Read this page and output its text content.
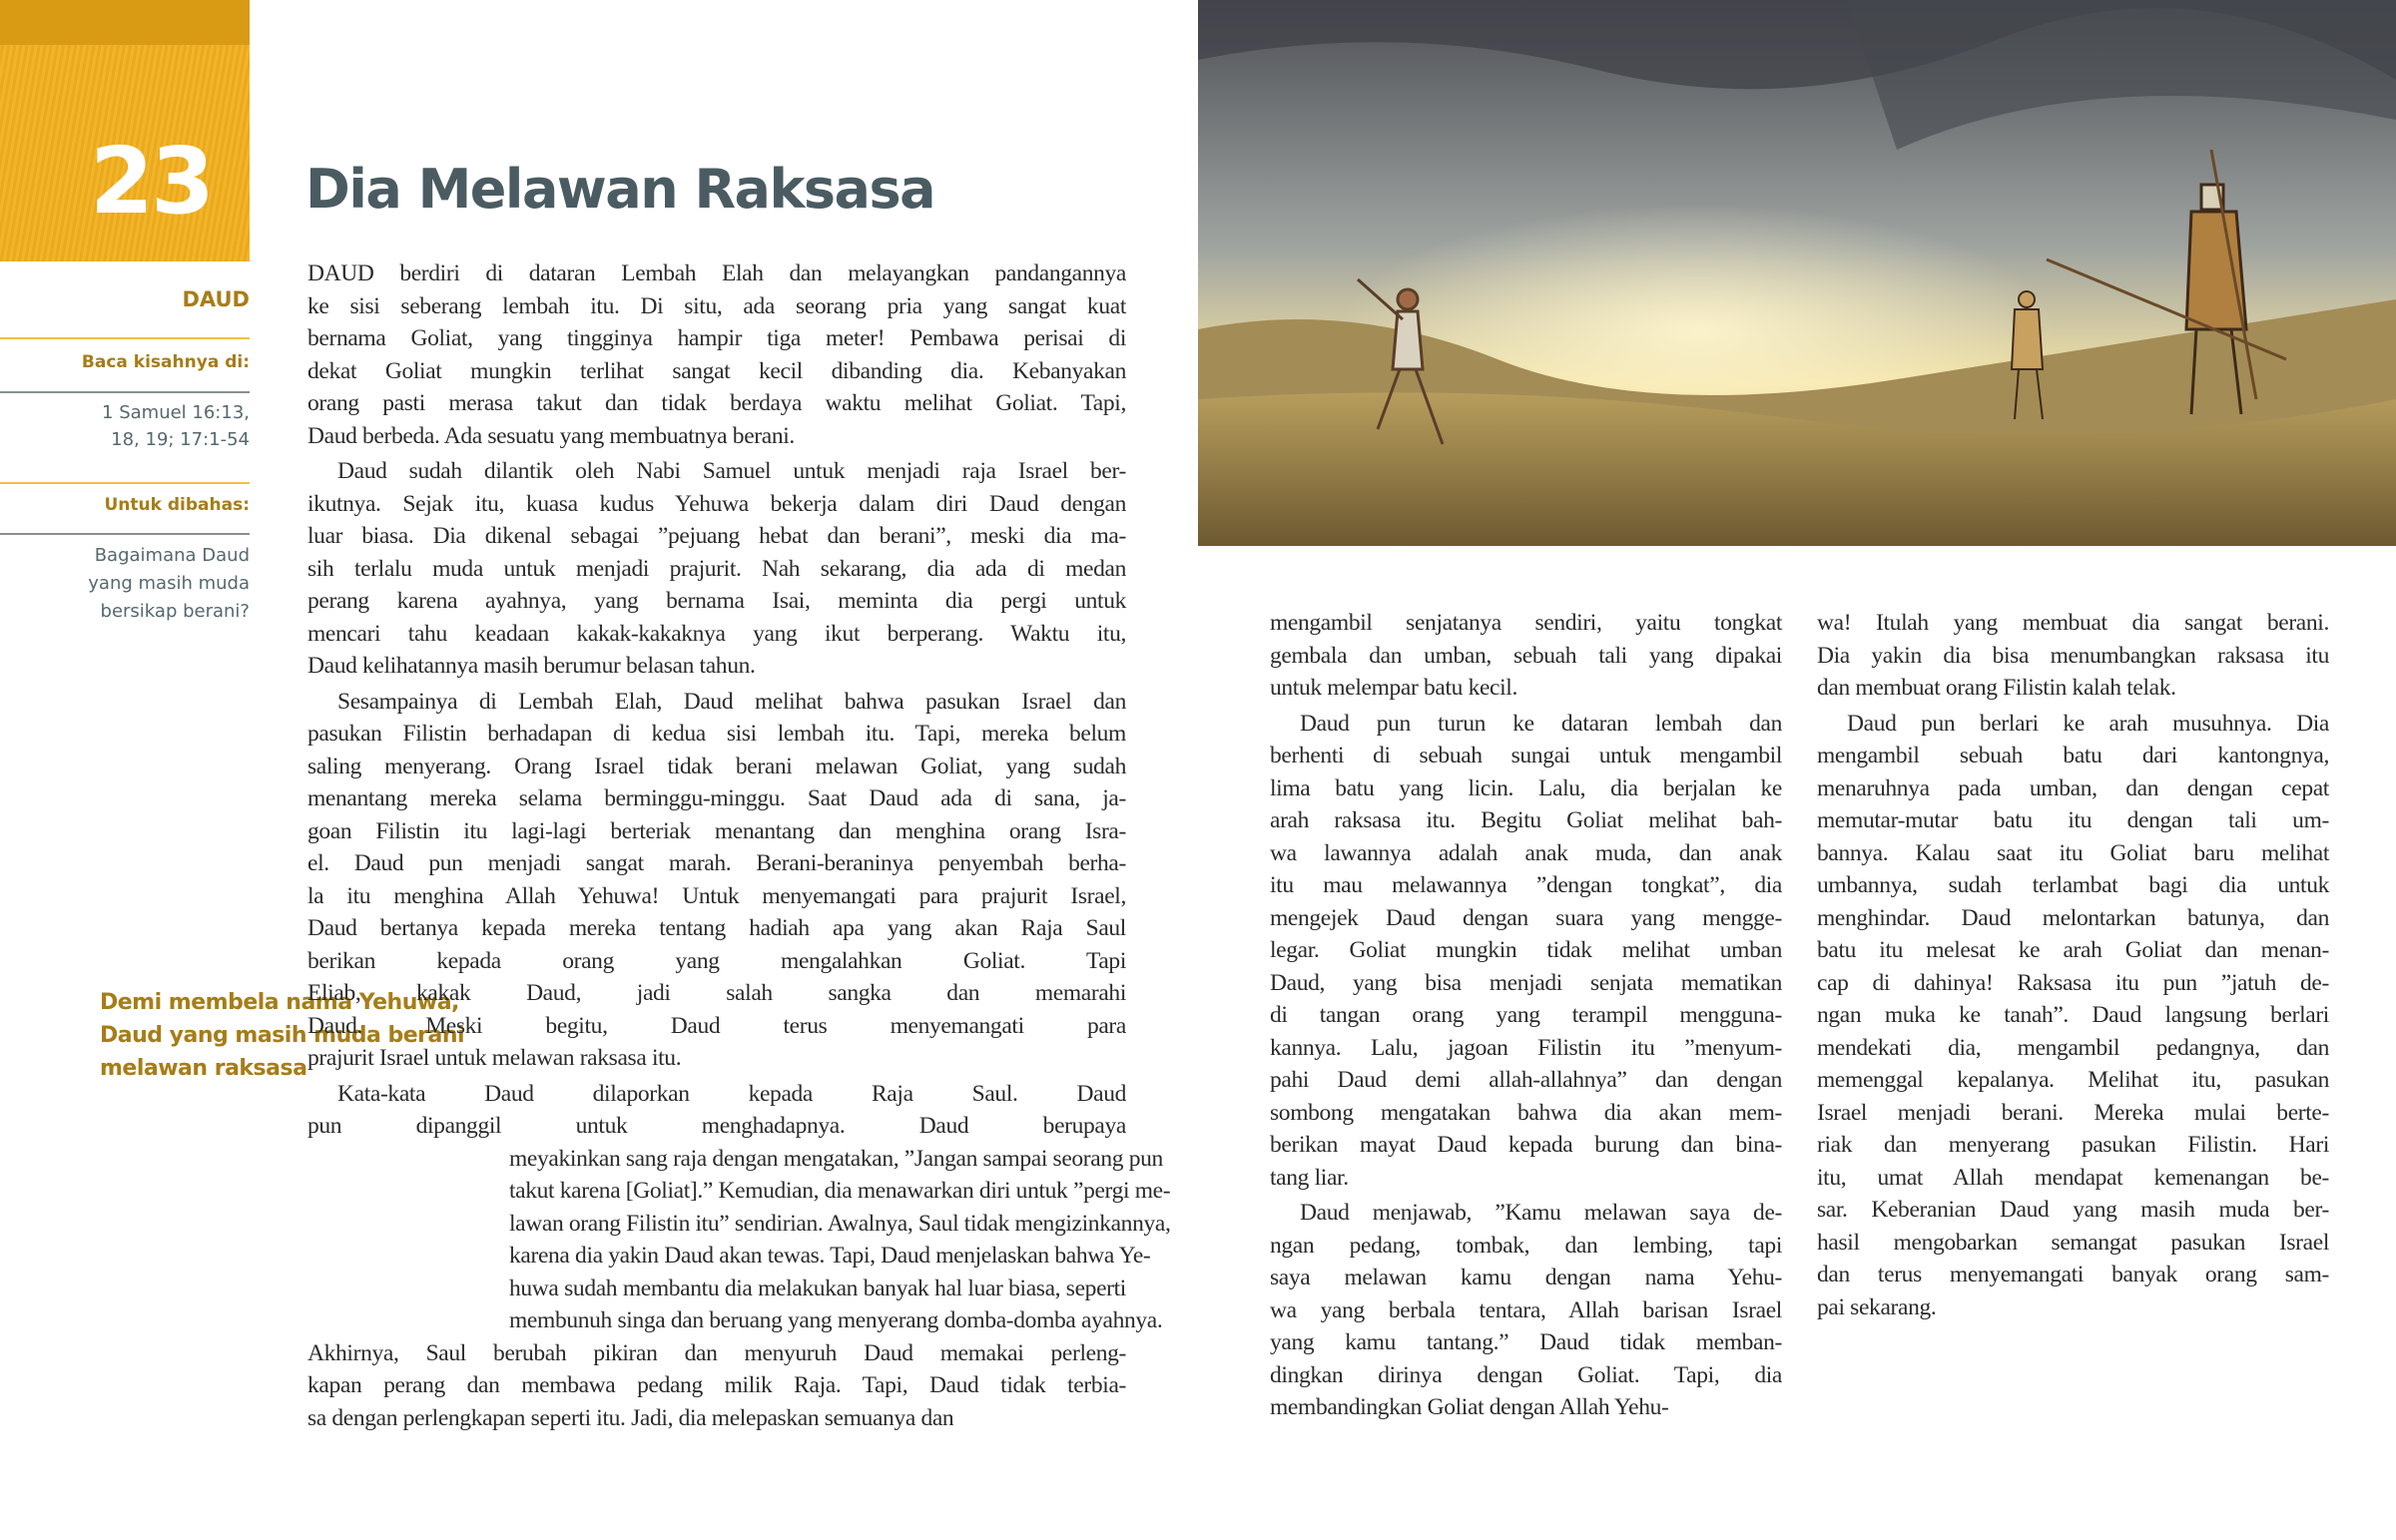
23 Dia Melawan Raksasa
DAUD
Baca kisahnya di:
1 Samuel 16:13,
18, 19; 17:1-54
Untuk dibahas:
Bagaimana Daud
yang masih muda
bersikap berani?
Demi membela nama Yehuwa,
Daud yang masih muda berani
melawan raksasa
DAUD berdiri di dataran Lembah Elah dan melayangkan pandangannya
ke sisi seberang lembah itu. Di situ, ada seorang pria yang sangat kuat
bernama Goliat, yang tingginya hampir tiga meter! Pembawa perisai di
dekat Goliat mungkin terlihat sangat kecil dibanding dia. Kebanyakan
orang pasti merasa takut dan tidak berdaya waktu melihat Goliat. Tapi,
Daud berbeda. Ada sesuatu yang membuatnya berani.
Daud sudah dilantik oleh Nabi Samuel untuk menjadi raja Israel ber-
ikutnya. Sejak itu, kuasa kudus Yehuwa bekerja dalam diri Daud dengan
luar biasa. Dia dikenal sebagai ”pejuang hebat dan berani”, meski dia ma-
sih terlalu muda untuk menjadi prajurit. Nah sekarang, dia ada di medan
perang karena ayahnya, yang bernama Isai, meminta dia pergi untuk
mencari tahu keadaan kakak-kakaknya yang ikut berperang. Waktu itu,
Daud kelihatannya masih berumur belasan tahun.
Sesampainya di Lembah Elah, Daud melihat bahwa pasukan Israel dan
pasukan Filistin berhadapan di kedua sisi lembah itu. Tapi, mereka belum
saling menyerang. Orang Israel tidak berani melawan Goliat, yang sudah
menantang mereka selama berminggu-minggu. Saat Daud ada di sana, ja-
goan Filistin itu lagi-lagi berteriak menantang dan menghina orang Isra-
el. Daud pun menjadi sangat marah. Berani-beraninya penyembah berha-
la itu menghina Allah Yehuwa! Untuk menyemangati para prajurit Israel,
Daud bertanya kepada mereka tentang hadiah apa yang akan Raja Saul
berikan kepada orang yang mengalahkan Goliat. Tapi
Eliab, kakak Daud, jadi salah sangka dan memarahi
Daud. Meski begitu, Daud terus menyemangati para
prajurit Israel untuk melawan raksasa itu.
Kata-kata Daud dilaporkan kepada Raja Saul. Daud
pun dipanggil untuk menghadapnya. Daud berupaya
meyakinkan sang raja dengan mengatakan, ”Jangan sampai seorang pun
takut karena [Goliat].” Kemudian, dia menawarkan diri untuk ”pergi me-
lawan orang Filistin itu” sendirian. Awalnya, Saul tidak mengizinkannya,
karena dia yakin Daud akan tewas. Tapi, Daud menjelaskan bahwa Ye-
huwa sudah membantu dia melakukan banyak hal luar biasa, seperti
membunuh singa dan beruang yang menyerang domba-domba ayahnya.
Akhirnya, Saul berubah pikiran dan menyuruh Daud memakai perleng-
kapan perang dan membawa pedang milik Raja. Tapi, Daud tidak terbia-
sa dengan perlengkapan seperti itu. Jadi, dia melepaskan semuanya dan
mengambil senjatanya sendiri, yaitu tongkat
gembala dan umban, sebuah tali yang dipakai
untuk melempar batu kecil.
Daud pun turun ke dataran lembah dan
berhenti di sebuah sungai untuk mengambil
lima batu yang licin. Lalu, dia berjalan ke
arah raksasa itu. Begitu Goliat melihat bah-
wa lawannya adalah anak muda, dan anak
itu mau melawannya ”dengan tongkat”, dia
mengejek Daud dengan suara yang mengge-
legar. Goliat mungkin tidak melihat umban
Daud, yang bisa menjadi senjata mematikan
di tangan orang yang terampil mengguna-
kannya. Lalu, jagoan Filistin itu ”menyum-
pahi Daud demi allah-allahnya” dan dengan
sombong mengatakan bahwa dia akan mem-
berikan mayat Daud kepada burung dan bina-
tang liar.
Daud menjawab, ”Kamu melawan saya de-
ngan pedang, tombak, dan lembing, tapi
saya melawan kamu dengan nama Yehu-
wa yang berbala tentara, Allah barisan Israel
yang kamu tantang.” Daud tidak memban-
dingkan dirinya dengan Goliat. Tapi, dia
membandingkan Goliat dengan Allah Yehu-
wa! Itulah yang membuat dia sangat berani.
Dia yakin dia bisa menumbangkan raksasa itu
dan membuat orang Filistin kalah telak.
Daud pun berlari ke arah musuhnya. Dia
mengambil sebuah batu dari kantongnya,
menaruhnya pada umban, dan dengan cepat
memutar-mutar batu itu dengan tali um-
bannya. Kalau saat itu Goliat baru melihat
umbannya, sudah terlambat bagi dia untuk
menghindar. Daud melontarkan batunya, dan
batu itu melesat ke arah Goliat dan menan-
cap di dahinya! Raksasa itu pun ”jatuh de-
ngan muka ke tanah”. Daud langsung berlari
mendekati dia, mengambil pedangnya, dan
memenggal kepalanya. Melihat itu, pasukan
Israel menjadi berani. Mereka mulai berte-
riak dan menyerang pasukan Filistin. Hari
itu, umat Allah mendapat kemenangan be-
sar. Keberanian Daud yang masih muda ber-
hasil mengobarkan semangat pasukan Israel
dan terus menyemangati banyak orang sam-
pai sekarang.
